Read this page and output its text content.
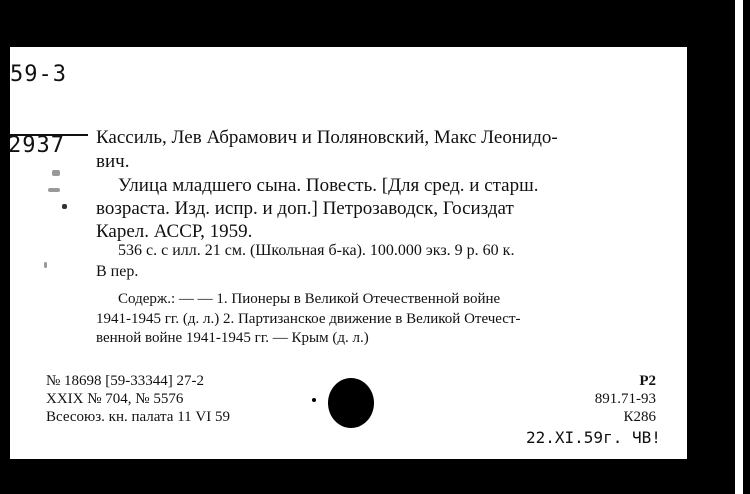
59-3
2937 Кассиль, Лев Абрамович и Поляновский, Макс Леонидо-
вич.
Улица младшего сына. Повесть. [Для сред. и старш.
возраста. Изд. испр. и доп.] Петрозаводск, Госиздат
Карел. АССР, 1959.
536 с. с илл. 21 см. (Школьная б-ка). 100.000 экз. 9 р. 60 к.
В пер.
Содерж.: — — 1. Пионеры в Великой Отечественной войне
1941-1945 гг. (д. л.) 2. Партизанское движение в Великой Отечест-
венной войне 1941-1945 гг. — Крым (д. л.)
№ 18698 [59-33344] 27-2
XXIX № 704, № 5576
Всесоюз. кн. палата 11 VI 59
Р2
891.71-93
К286
22.XI.59г. ЧВ!
